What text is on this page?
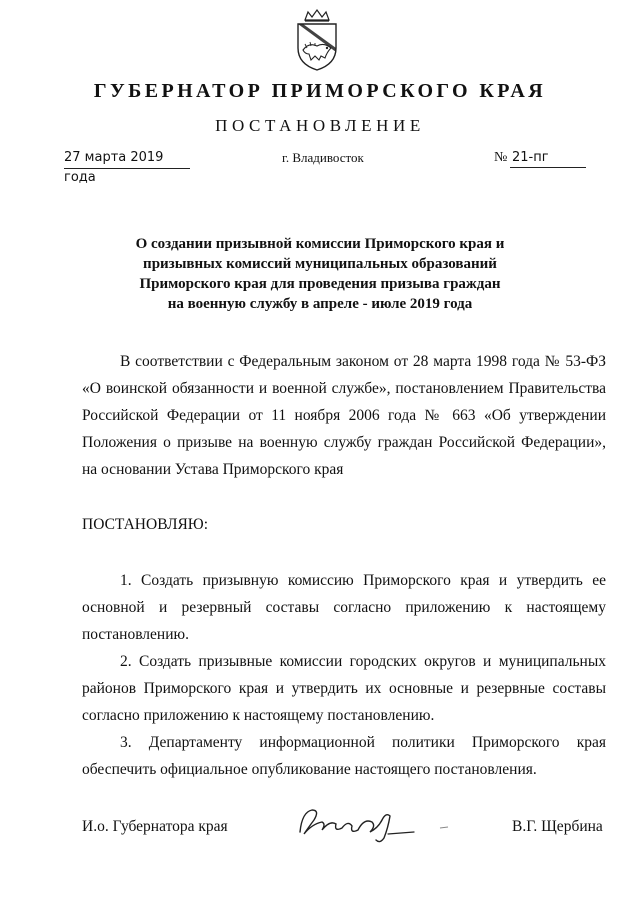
ГУБЕРНАТОР ПРИМОРСКОГО КРАЯ
ПОСТАНОВЛЕНИЕ
27 марта 2019 года
г. Владивосток	№ 21-пг
О создании призывной комиссии Приморского края и
призывных комиссий муниципальных образований
Приморского края для проведения призыва граждан
на военную службу в апреле - июле 2019 года

В соответствии с Федеральным законом от 28 марта 1998 года № 53-ФЗ «О воинской обязанности и военной службе», постановлением Правительства Российской Федерации от 11 ноября 2006 года № 663 «Об утверждении Положения о призыве на военную службу граждан Российской Федерации», на основании Устава Приморского края

ПОСТАНОВЛЯЮ:

1. Создать призывную комиссию Приморского края и утвердить ее основной и резервный составы согласно приложению к настоящему постановлению.

2. Создать призывные комиссии городских округов и муниципальных районов Приморского края и утвердить их основные и резервные составы согласно приложению к настоящему постановлению.

3. Департаменту информационной политики Приморского края обеспечить официальное опубликование настоящего постановления.

И.о. Губернатора края	В.Г. Щербина
